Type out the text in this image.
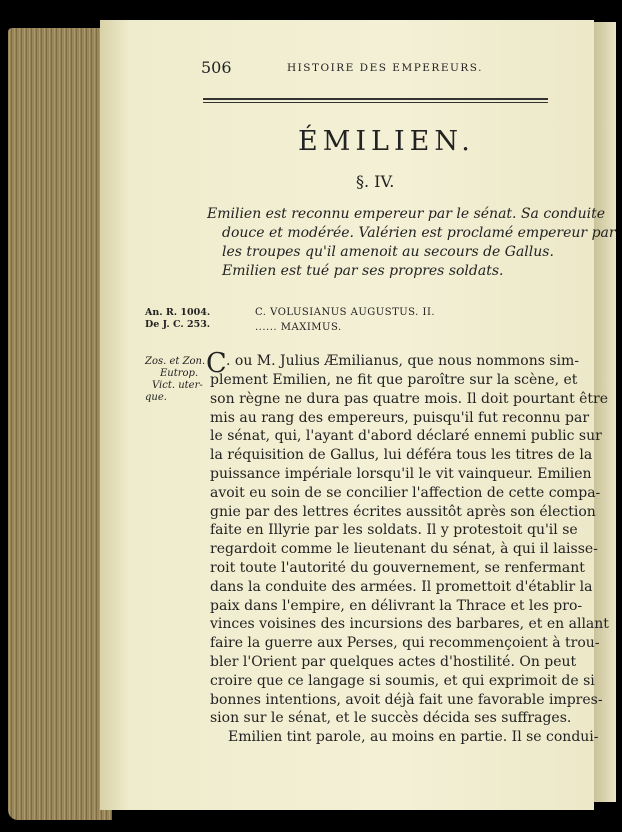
506	HISTOIRE DES EMPEREURS.
ÉMILIEN.
§. IV.
Emilien est reconnu empereur par le sénat. Sa conduite
douce et modérée. Valérien est proclamé empereur par
les troupes qu'il amenoit au secours de Gallus.
Emilien est tué par ses propres soldats.
An. R. 1004.
De J. C. 253.
C. VOLUSIANUS AUGUSTUS. II.
...... MAXIMUS.
Zos. et Zon.
Eutrop.
Vict. uter-
que.
C . ou M. Julius Æmilianus, que nous nommons sim-
plement Emilien, ne fit que paroître sur la scène, et
son règne ne dura pas quatre mois. Il doit pourtant être
mis au rang des empereurs, puisqu'il fut reconnu par
le sénat, qui, l'ayant d'abord déclaré ennemi public sur
la réquisition de Gallus, lui déféra tous les titres de la
puissance impériale lorsqu'il le vit vainqueur. Emilien
avoit eu soin de se concilier l'affection de cette compa-
gnie par des lettres écrites aussitôt après son élection
faite en Illyrie par les soldats. Il y protestoit qu'il se
regardoit comme le lieutenant du sénat, à qui il laisse-
roit toute l'autorité du gouvernement, se renfermant
dans la conduite des armées. Il promettoit d'établir la
paix dans l'empire, en délivrant la Thrace et les pro-
vinces voisines des incursions des barbares, et en allant
faire la guerre aux Perses, qui recommençoient à trou-
bler l'Orient par quelques actes d'hostilité. On peut
croire que ce langage si soumis, et qui exprimoit de si
bonnes intentions, avoit déjà fait une favorable impres-
sion sur le sénat, et le succès décida ses suffrages.
Emilien tint parole, au moins en partie. Il se condui-
